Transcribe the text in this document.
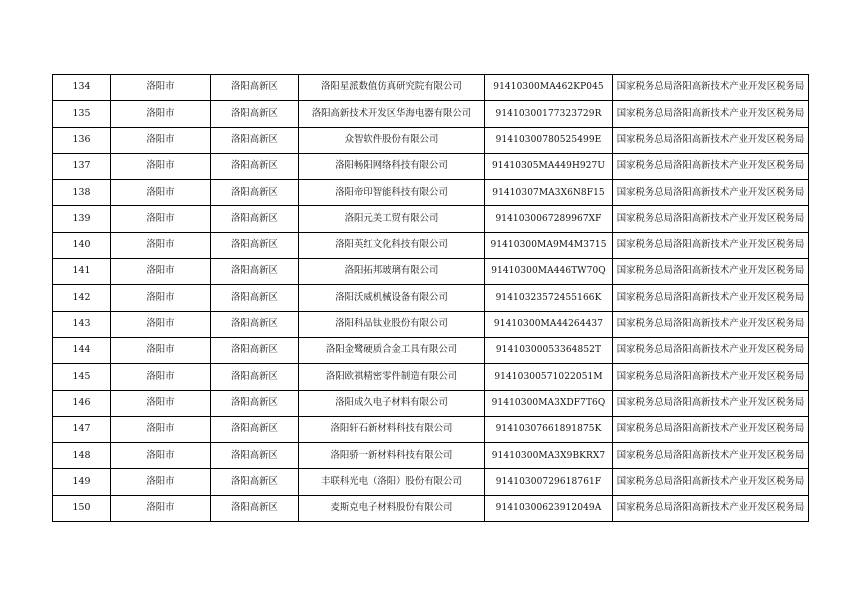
134	洛阳市	洛阳高新区	洛阳星派数值仿真研究院有限公司	91410300MA462KP045	国家税务总局洛阳高新技术产业开发区税务局
135	洛阳市	洛阳高新区	洛阳高新技术开发区华海电器有限公司	91410300177323729R	国家税务总局洛阳高新技术产业开发区税务局
136	洛阳市	洛阳高新区	众智软件股份有限公司	91410300780525499E	国家税务总局洛阳高新技术产业开发区税务局
137	洛阳市	洛阳高新区	洛阳畅阳网络科技有限公司	91410305MA449H927U	国家税务总局洛阳高新技术产业开发区税务局
138	洛阳市	洛阳高新区	洛阳帝印智能科技有限公司	91410307MA3X6N8F15	国家税务总局洛阳高新技术产业开发区税务局
139	洛阳市	洛阳高新区	洛阳元美工贸有限公司	9141030067289967XF	国家税务总局洛阳高新技术产业开发区税务局
140	洛阳市	洛阳高新区	洛阳英红文化科技有限公司	91410300MA9M4M3715	国家税务总局洛阳高新技术产业开发区税务局
141	洛阳市	洛阳高新区	洛阳拓邦玻璃有限公司	91410300MA446TW70Q	国家税务总局洛阳高新技术产业开发区税务局
142	洛阳市	洛阳高新区	洛阳沃威机械设备有限公司	91410323572455166K	国家税务总局洛阳高新技术产业开发区税务局
143	洛阳市	洛阳高新区	洛阳科品钛业股份有限公司	91410300MA44264437	国家税务总局洛阳高新技术产业开发区税务局
144	洛阳市	洛阳高新区	洛阳金鹭硬质合金工具有限公司	91410300053364852T	国家税务总局洛阳高新技术产业开发区税务局
145	洛阳市	洛阳高新区	洛阳欧祺精密零件制造有限公司	91410300571022051M	国家税务总局洛阳高新技术产业开发区税务局
146	洛阳市	洛阳高新区	洛阳成久电子材料有限公司	91410300MA3XDF7T6Q	国家税务总局洛阳高新技术产业开发区税务局
147	洛阳市	洛阳高新区	洛阳轩石新材料科技有限公司	91410307661891875K	国家税务总局洛阳高新技术产业开发区税务局
148	洛阳市	洛阳高新区	洛阳骄一新材料科技有限公司	91410300MA3X9BKRX7	国家税务总局洛阳高新技术产业开发区税务局
149	洛阳市	洛阳高新区	丰联科光电（洛阳）股份有限公司	91410300729618761F	国家税务总局洛阳高新技术产业开发区税务局
150	洛阳市	洛阳高新区	麦斯克电子材料股份有限公司	91410300623912049A	国家税务总局洛阳高新技术产业开发区税务局
